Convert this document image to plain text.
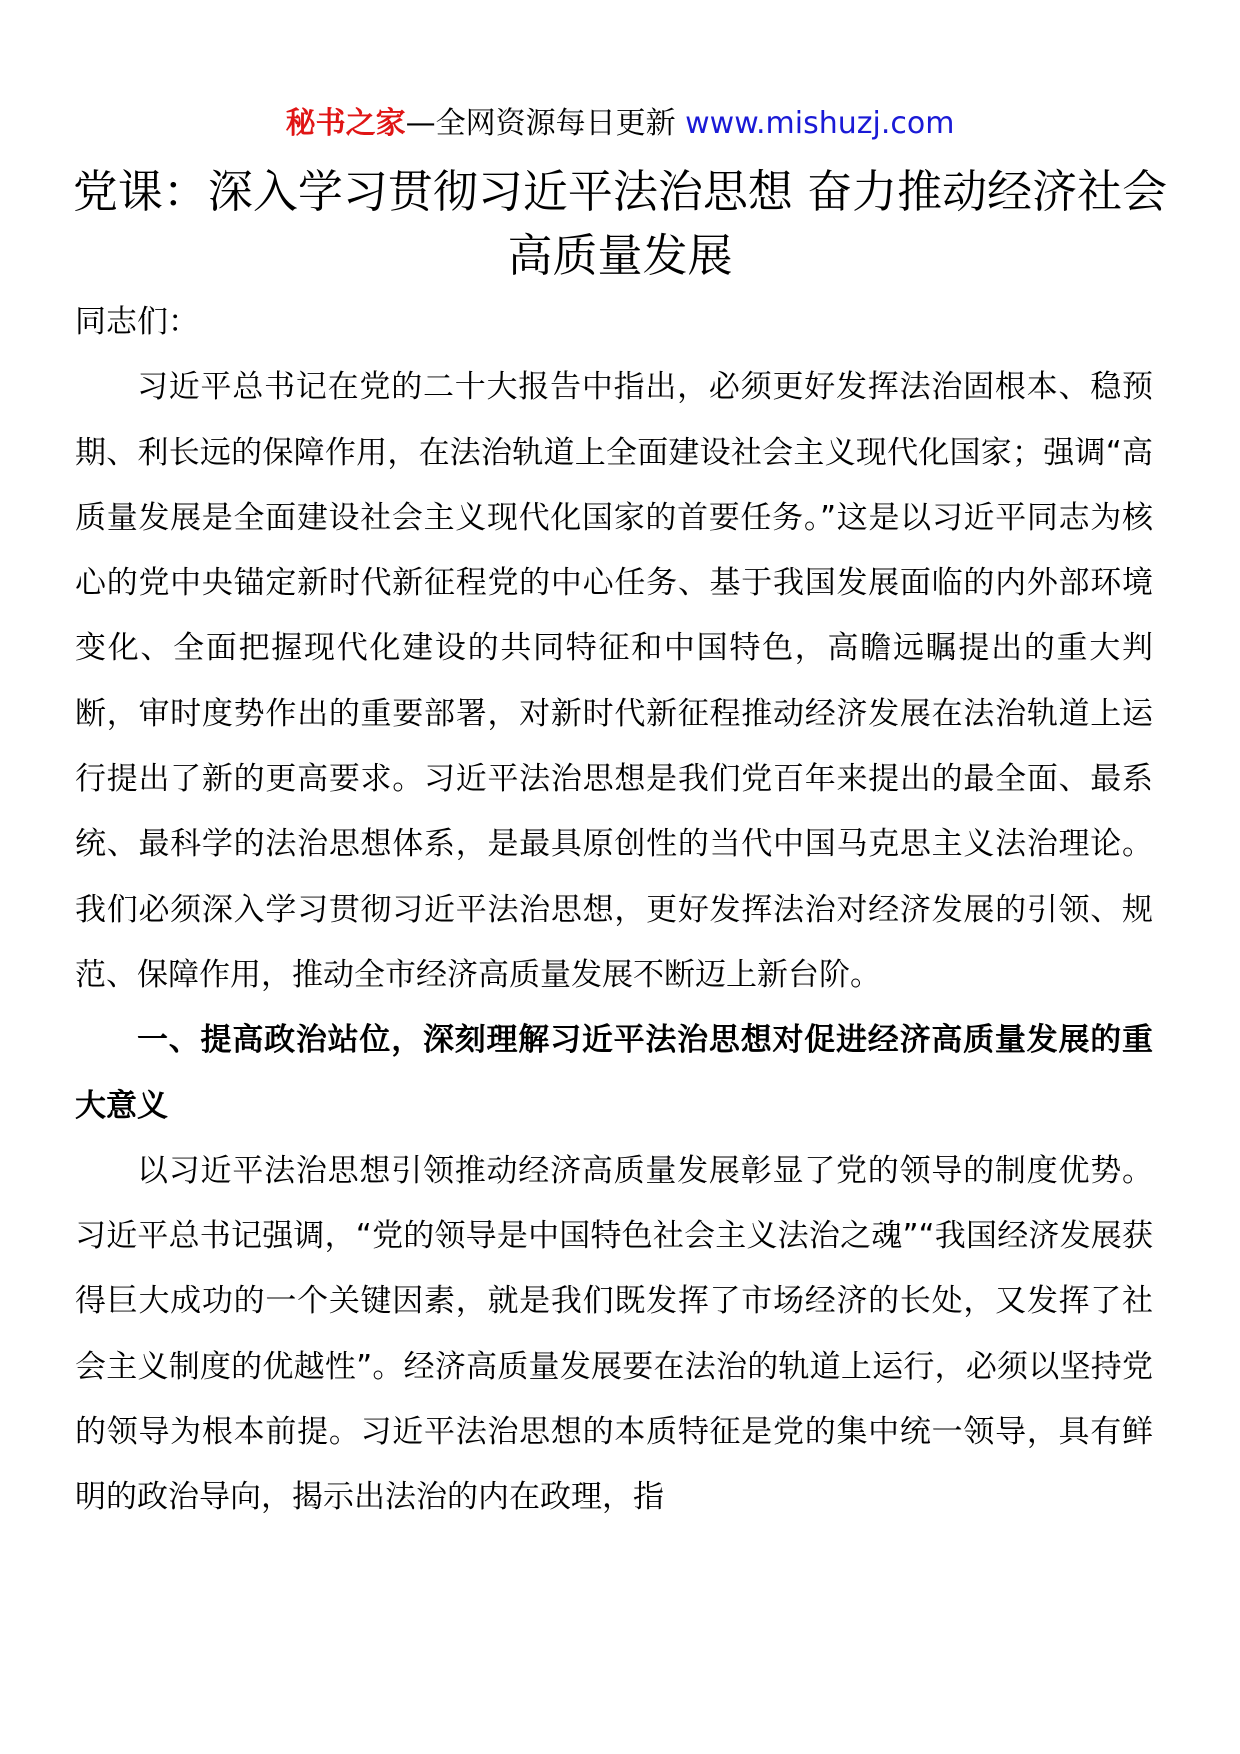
秘书之家—全网资源每日更新 www.mishuzj.com
党课：深入学习贯彻习近平法治思想 奋力推动经济社会高质量发展

同志们：

习近平总书记在党的二十大报告中指出，必须更好发挥法治固根本、稳预期、利长远的保障作用，在法治轨道上全面建设社会主义现代化国家；强调“高质量发展是全面建设社会主义现代化国家的首要任务。”这是以习近平同志为核心的党中央锚定新时代新征程党的中心任务、基于我国发展面临的内外部环境变化、全面把握现代化建设的共同特征和中国特色，高瞻远瞩提出的重大判断，审时度势作出的重要部署，对新时代新征程推动经济发展在法治轨道上运行提出了新的更高要求。习近平法治思想是我们党百年来提出的最全面、最系统、最科学的法治思想体系，是最具原创性的当代中国马克思主义法治理论。我们必须深入学习贯彻习近平法治思想，更好发挥法治对经济发展的引领、规范、保障作用，推动全市经济高质量发展不断迈上新台阶。

一、提高政治站位，深刻理解习近平法治思想对促进经济高质量发展的重大意义

以习近平法治思想引领推动经济高质量发展彰显了党的领导的制度优势。习近平总书记强调，“党的领导是中国特色社会主义法治之魂”“我国经济发展获得巨大成功的一个关键因素，就是我们既发挥了市场经济的长处，又发挥了社会主义制度的优越性”。经济高质量发展要在法治的轨道上运行，必须以坚持党的领导为根本前提。习近平法治思想的本质特征是党的集中统一领导，具有鲜明的政治导向，揭示出法治的内在政理，指
